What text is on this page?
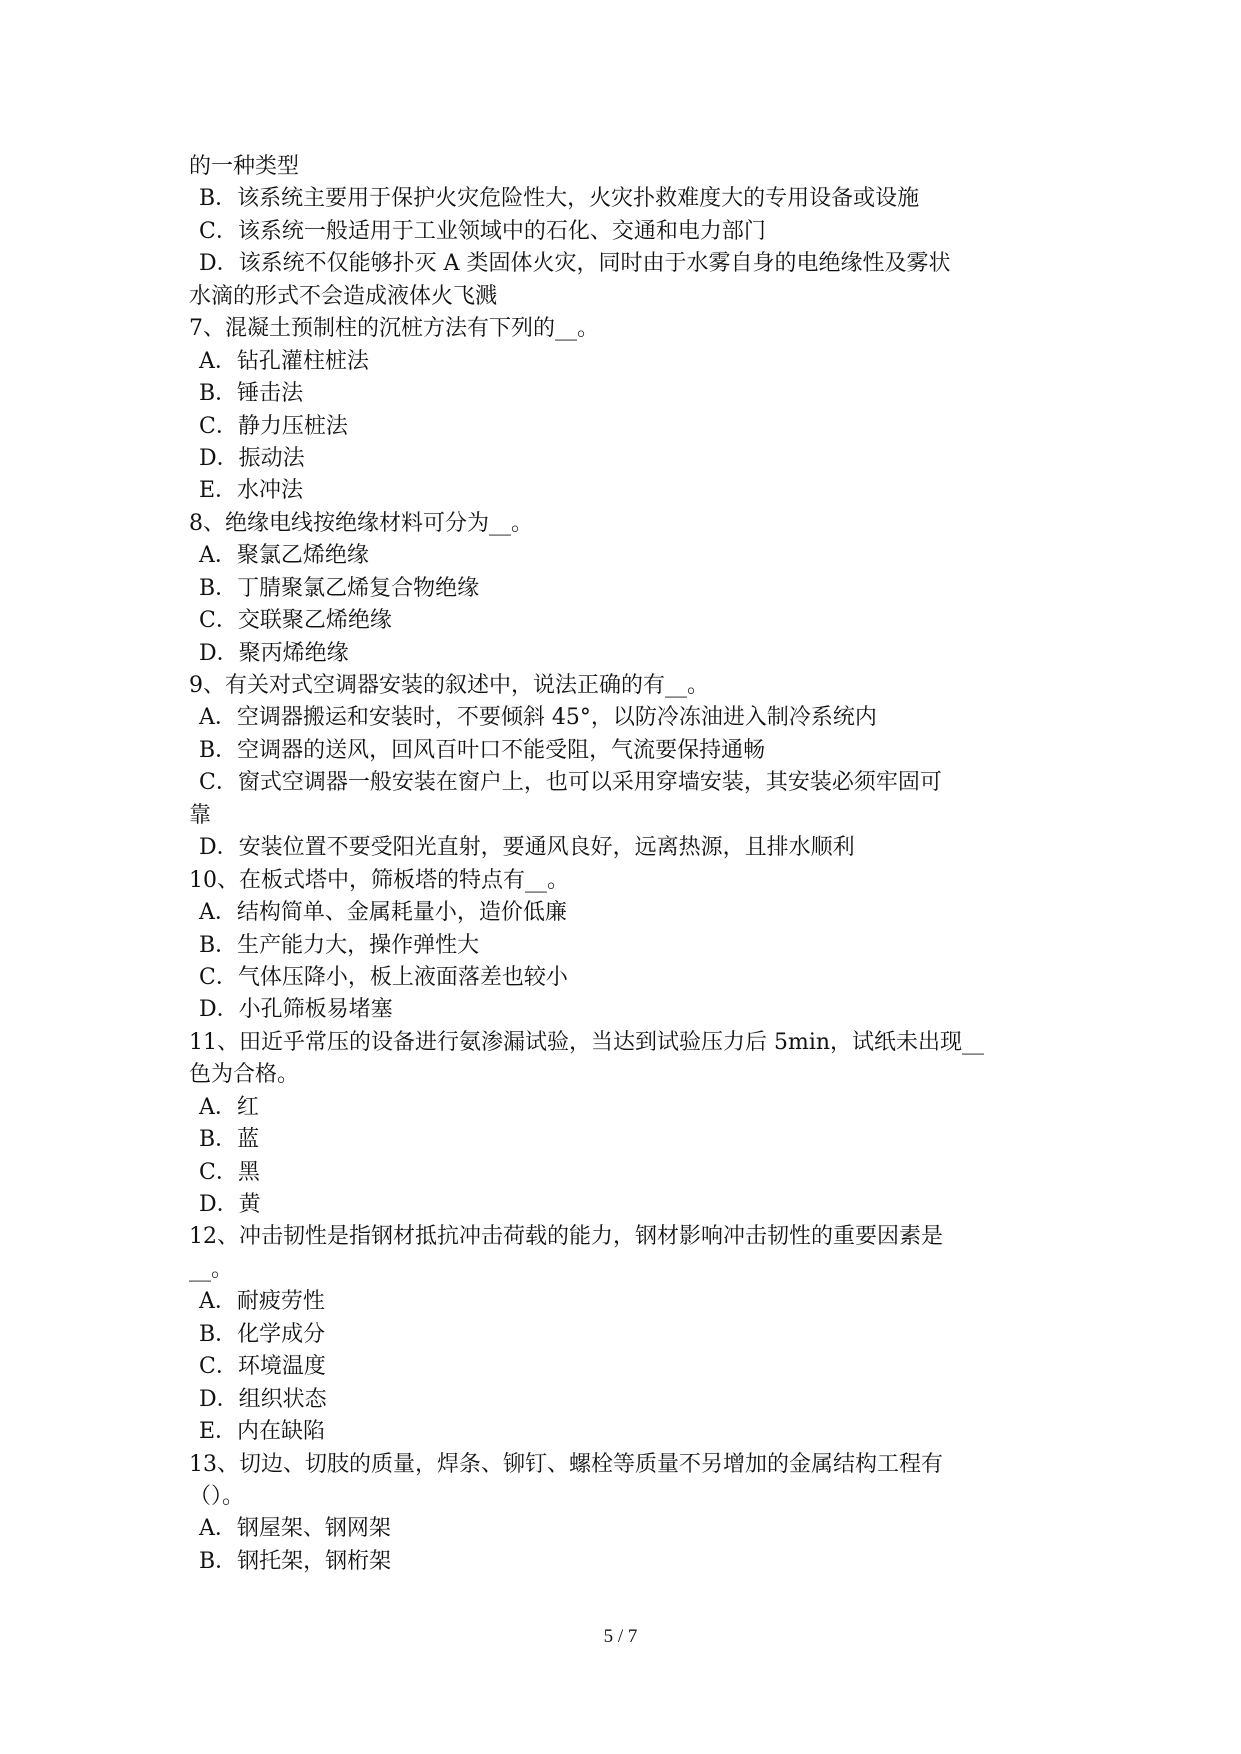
的一种类型
B．该系统主要用于保护火灾危险性大，火灾扑救难度大的专用设备或设施
C．该系统一般适用于工业领域中的石化、交通和电力部门
D．该系统不仅能够扑灭 A 类固体火灾，同时由于水雾自身的电绝缘性及雾状
水滴的形式不会造成液体火飞溅
7、混凝土预制柱的沉桩方法有下列的__。
A．钻孔灌柱桩法
B．锤击法
C．静力压桩法
D．振动法
E．水冲法
8、绝缘电线按绝缘材料可分为__。
A．聚氯乙烯绝缘
B．丁腈聚氯乙烯复合物绝缘
C．交联聚乙烯绝缘
D．聚丙烯绝缘
9、有关对式空调器安装的叙述中，说法正确的有__。
A．空调器搬运和安装时，不要倾斜 45°，以防冷冻油进入制冷系统内
B．空调器的送风，回风百叶口不能受阻，气流要保持通畅
C．窗式空调器一般安装在窗户上，也可以采用穿墙安装，其安装必须牢固可
靠
D．安装位置不要受阳光直射，要通风良好，远离热源，且排水顺利
10、在板式塔中，筛板塔的特点有__。
A．结构简单、金属耗量小，造价低廉
B．生产能力大，操作弹性大
C．气体压降小，板上液面落差也较小
D．小孔筛板易堵塞
11、田近乎常压的设备进行氨渗漏试验，当达到试验压力后 5min，试纸未出现__
色为合格。
A．红
B．蓝
C．黑
D．黄
12、冲击韧性是指钢材抵抗冲击荷载的能力，钢材影响冲击韧性的重要因素是
__。
A．耐疲劳性
B．化学成分
C．环境温度
D．组织状态
E．内在缺陷
13、切边、切肢的质量，焊条、铆钉、螺栓等质量不另增加的金属结构工程有
（）。
A．钢屋架、钢网架
B．钢托架，钢桁架
5 / 7
